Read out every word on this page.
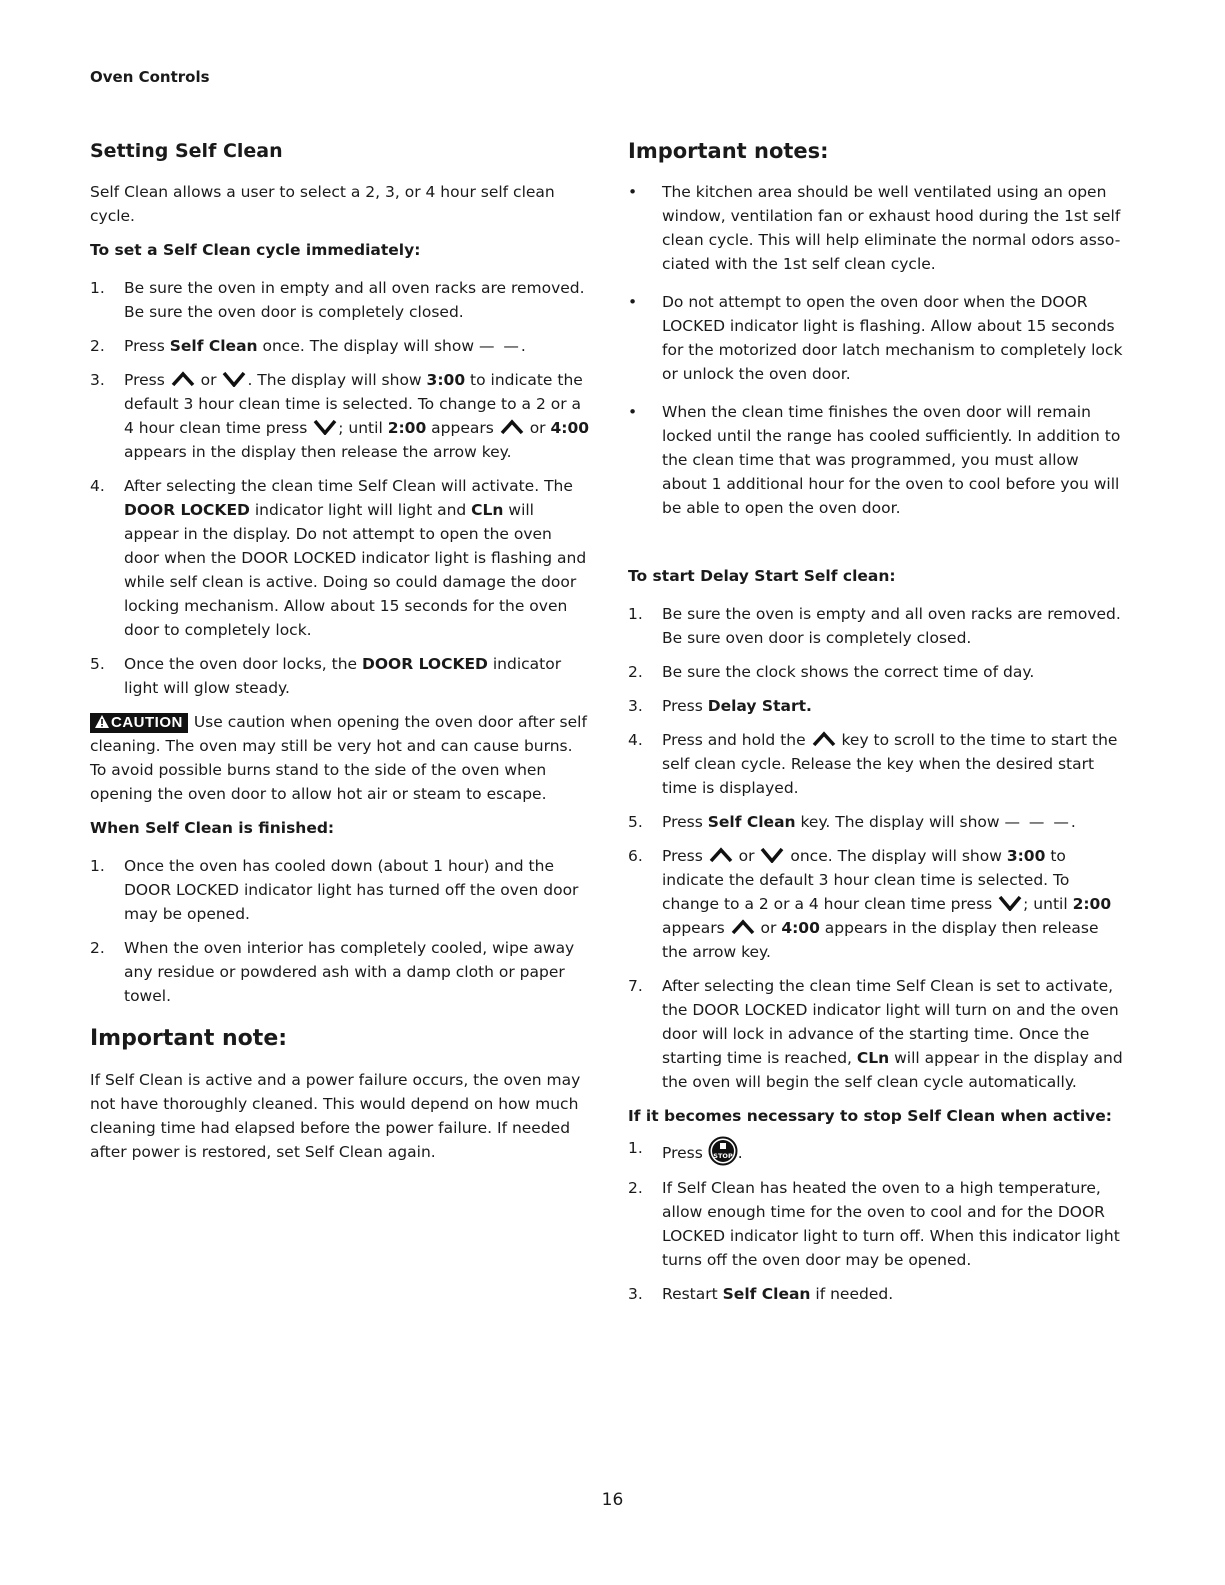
Oven Controls
Setting Self Clean

Self Clean allows a user to select a 2, 3, or 4 hour self clean cycle.

To set a Self Clean cycle immediately:
1. Be sure the oven in empty and all oven racks are removed. Be sure the oven door is completely closed.
2. Press Self Clean once. The display will show — —.
3. Press  or . The display will show 3:00 to indicate the default 3 hour clean time is selected. To change to a 2 or a 4 hour clean time press ; until 2:00 appears  or 4:00 appears in the display then release the arrow key.
4. After selecting the clean time Self Clean will activate. The DOOR LOCKED indicator light will light and CLn will appear in the display. Do not attempt to open the oven door when the DOOR LOCKED indicator light is flashing and while self clean is active. Doing so could damage the door locking mechanism. Allow about 15 seconds for the oven door to completely lock.
5. Once the oven door locks, the DOOR LOCKED indicator light will glow steady.

CAUTION Use caution when opening the oven door after self cleaning. The oven may still be very hot and can cause burns. To avoid possible burns stand to the side of the oven when opening the oven door to allow hot air or steam to escape.

When Self Clean is finished:
1. Once the oven has cooled down (about 1 hour) and the DOOR LOCKED indicator light has turned off the oven door may be opened.
2. When the oven interior has completely cooled, wipe away any residue or powdered ash with a damp cloth or paper towel.
Important note:

If Self Clean is active and a power failure occurs, the oven may not have thoroughly cleaned. This would depend on how much cleaning time had elapsed before the power failure. If needed after power is restored, set Self Clean again.

Important notes:
• The kitchen area should be well ventilated using an open window, ventilation fan or exhaust hood during the 1st self clean cycle. This will help eliminate the normal odors asso-ciated with the 1st self clean cycle.
• Do not attempt to open the oven door when the DOOR LOCKED indicator light is flashing. Allow about 15 seconds for the motorized door latch mechanism to completely lock or unlock the oven door.
• When the clean time finishes the oven door will remain locked until the range has cooled sufficiently. In addition to the clean time that was programmed, you must allow about 1 additional hour for the oven to cool before you will be able to open the oven door.
To start Delay Start Self clean:
1. Be sure the oven is empty and all oven racks are removed. Be sure oven door is completely closed.
2. Be sure the clock shows the correct time of day.
3. Press Delay Start.
4. Press and hold the  key to scroll to the time to start the self clean cycle. Release the key when the desired start time is displayed.
5. Press Self Clean key. The display will show — — —.
6. Press  or  once. The display will show 3:00 to indicate the default 3 hour clean time is selected. To change to a 2 or a 4 hour clean time press ; until 2:00 appears  or 4:00 appears in the display then release the arrow key.
7. After selecting the clean time Self Clean is set to activate, the DOOR LOCKED indicator light will turn on and the oven door will lock in advance of the starting time. Once the starting time is reached, CLn will appear in the display and the oven will begin the self clean cycle automatically.
If it becomes necessary to stop Self Clean when active:
1. Press STOP .
2. If Self Clean has heated the oven to a high temperature, allow enough time for the oven to cool and for the DOOR LOCKED indicator light to turn off. When this indicator light turns off the oven door may be opened.
3. Restart Self Clean if needed.
16
